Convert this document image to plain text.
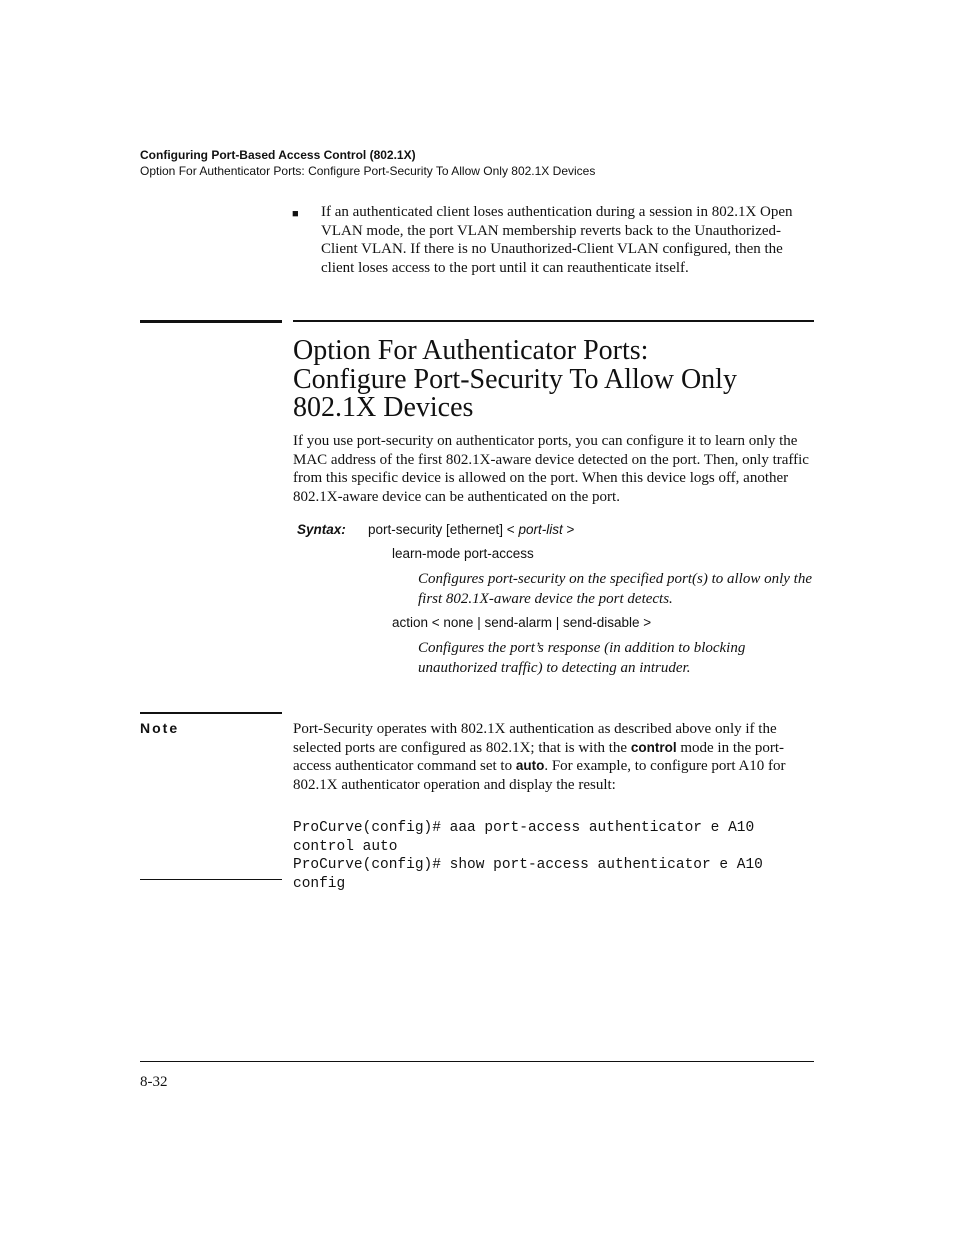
Configuring Port-Based Access Control (802.1X)
Option For Authenticator Ports: Configure Port-Security To Allow Only 802.1X Devices
■ If an authenticated client loses authentication during a session in 802.1X Open VLAN mode, the port VLAN membership reverts back to the Unauthorized-Client VLAN. If there is no Unauthorized-Client VLAN configured, then the client loses access to the port until it can reauthenticate itself.
Option For Authenticator Ports:
Configure Port-Security To Allow Only
802.1X Devices
If you use port-security on authenticator ports, you can configure it to learn only the MAC address of the first 802.1X-aware device detected on the port. Then, only traffic from this specific device is allowed on the port. When this device logs off, another 802.1X-aware device can be authenticated on the port.
Syntax: port-security [ethernet] < port-list >
learn-mode port-access
Configures port-security on the specified port(s) to allow only the first 802.1X-aware device the port detects.
action < none | send-alarm | send-disable >
Configures the port’s response (in addition to blocking unauthorized traffic) to detecting an intruder.
Note	Port-Security operates with 802.1X authentication as described above only if the selected ports are configured as 802.1X; that is with the control mode in the port-access authenticator command set to auto. For example, to configure port A10 for 802.1X authenticator operation and display the result:

ProCurve(config)# aaa port-access authenticator e A10
control auto
ProCurve(config)# show port-access authenticator e A10
config

8-32
